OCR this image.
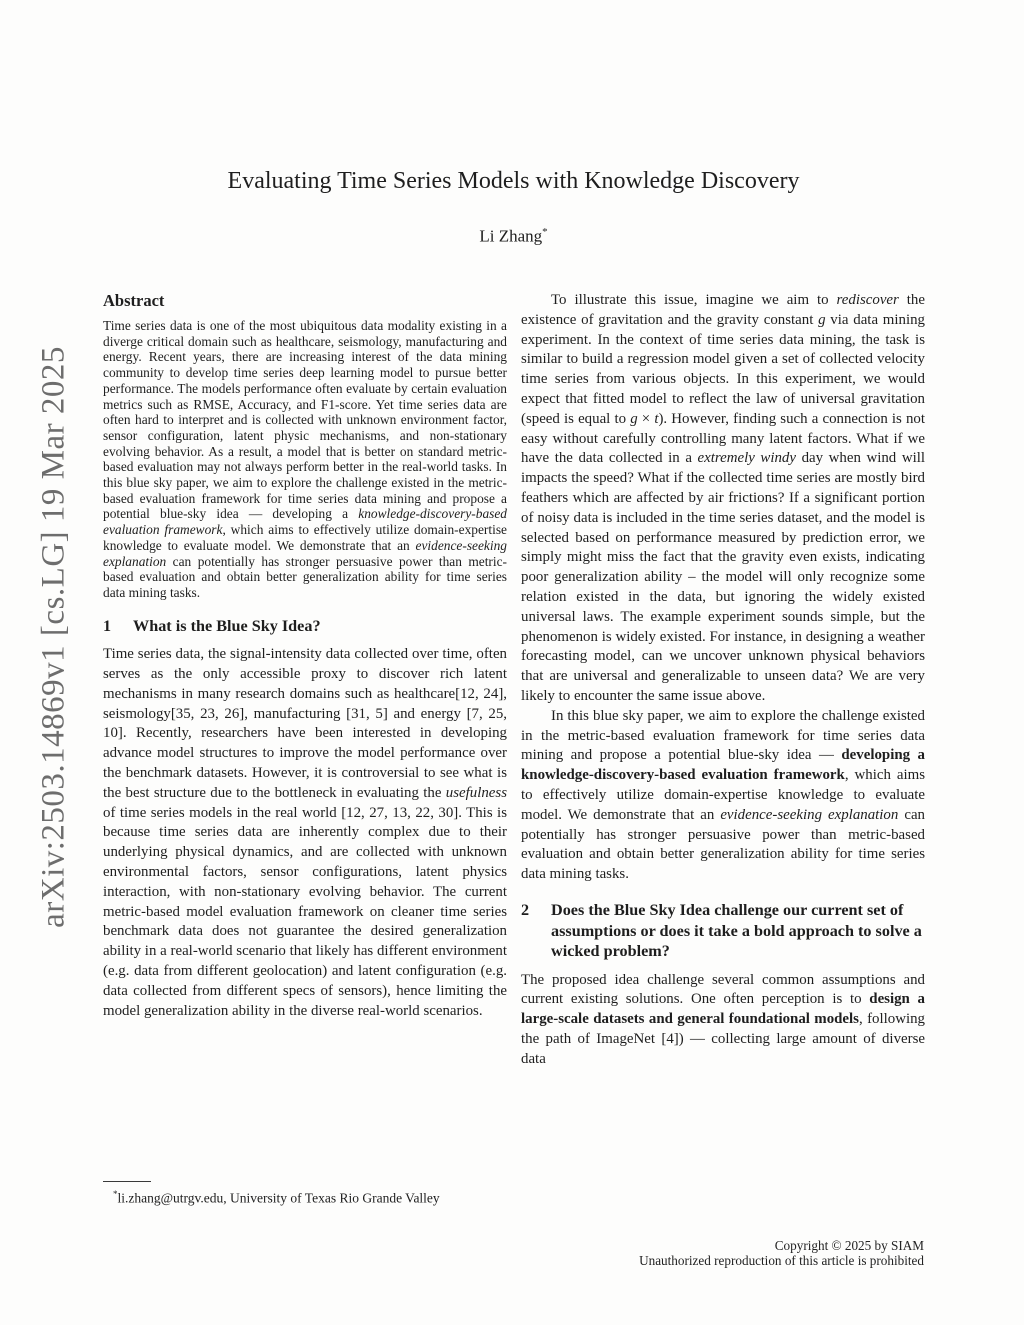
arXiv:2503.14869v1 [cs.LG] 19 Mar 2025
Evaluating Time Series Models with Knowledge Discovery
Li Zhang*
Abstract

Time series data is one of the most ubiquitous data modality existing in a diverge critical domain such as healthcare, seismology, manufacturing and energy. Recent years, there are increasing interest of the data mining community to develop time series deep learning model to pursue better performance. The models performance often evaluate by certain evaluation metrics such as RMSE, Accuracy, and F1-score. Yet time series data are often hard to interpret and is collected with unknown environment factor, sensor configuration, latent physic mechanisms, and non-stationary evolving behavior. As a result, a model that is better on standard metric-based evaluation may not always perform better in the real-world tasks. In this blue sky paper, we aim to explore the challenge existed in the metric-based evaluation framework for time series data mining and propose a potential blue-sky idea — developing a knowledge-discovery-based evaluation framework, which aims to effectively utilize domain-expertise knowledge to evaluate model. We demonstrate that an evidence-seeking explanation can potentially has stronger persuasive power than metric-based evaluation and obtain better generalization ability for time series data mining tasks.

1	What is the Blue Sky Idea?

Time series data, the signal-intensity data collected over time, often serves as the only accessible proxy to discover rich latent mechanisms in many research domains such as healthcare[12, 24], seismology[35, 23, 26], manufacturing [31, 5] and energy [7, 25, 10]. Recently, researchers have been interested in developing advance model structures to improve the model performance over the benchmark datasets. However, it is controversial to see what is the best structure due to the bottleneck in evaluating the usefulness of time series models in the real world [12, 27, 13, 22, 30]. This is because time series data are inherently complex due to their underlying physical dynamics, and are collected with unknown environmental factors, sensor configurations, latent physics interaction, with non-stationary evolving behavior. The current metric-based model evaluation framework on cleaner time series benchmark data does not guarantee the desired generalization ability in a real-world scenario that likely has different environment (e.g. data from different geolocation) and latent configuration (e.g. data collected from different specs of sensors), hence limiting the model generalization ability in the diverse real-world scenarios.

*li.zhang@utrgv.edu, University of Texas Rio Grande Valley

To illustrate this issue, imagine we aim to rediscover the existence of gravitation and the gravity constant g via data mining experiment. In the context of time series data mining, the task is similar to build a regression model given a set of collected velocity time series from various objects. In this experiment, we would expect that fitted model to reflect the law of universal gravitation (speed is equal to g × t). However, finding such a connection is not easy without carefully controlling many latent factors. What if we have the data collected in a extremely windy day when wind will impacts the speed? What if the collected time series are mostly bird feathers which are affected by air frictions? If a significant portion of noisy data is included in the time series dataset, and the model is selected based on performance measured by prediction error, we simply might miss the fact that the gravity even exists, indicating poor generalization ability – the model will only recognize some relation existed in the data, but ignoring the widely existed universal laws. The example experiment sounds simple, but the phenomenon is widely existed. For instance, in designing a weather forecasting model, can we uncover unknown physical behaviors that are universal and generalizable to unseen data? We are very likely to encounter the same issue above.

In this blue sky paper, we aim to explore the challenge existed in the metric-based evaluation framework for time series data mining and propose a potential blue-sky idea — developing a knowledge-discovery-based evaluation framework, which aims to effectively utilize domain-expertise knowledge to evaluate model. We demonstrate that an evidence-seeking explanation can potentially has stronger persuasive power than metric-based evaluation and obtain better generalization ability for time series data mining tasks.

2	Does the Blue Sky Idea challenge our current set of assumptions or does it take a bold approach to solve a wicked problem?

The proposed idea challenge several common assumptions and current existing solutions. One often perception is to design a large-scale datasets and general foundational models, following the path of ImageNet [4]) — collecting large amount of diverse data

Copyright © 2025 by SIAM
Unauthorized reproduction of this article is prohibited
